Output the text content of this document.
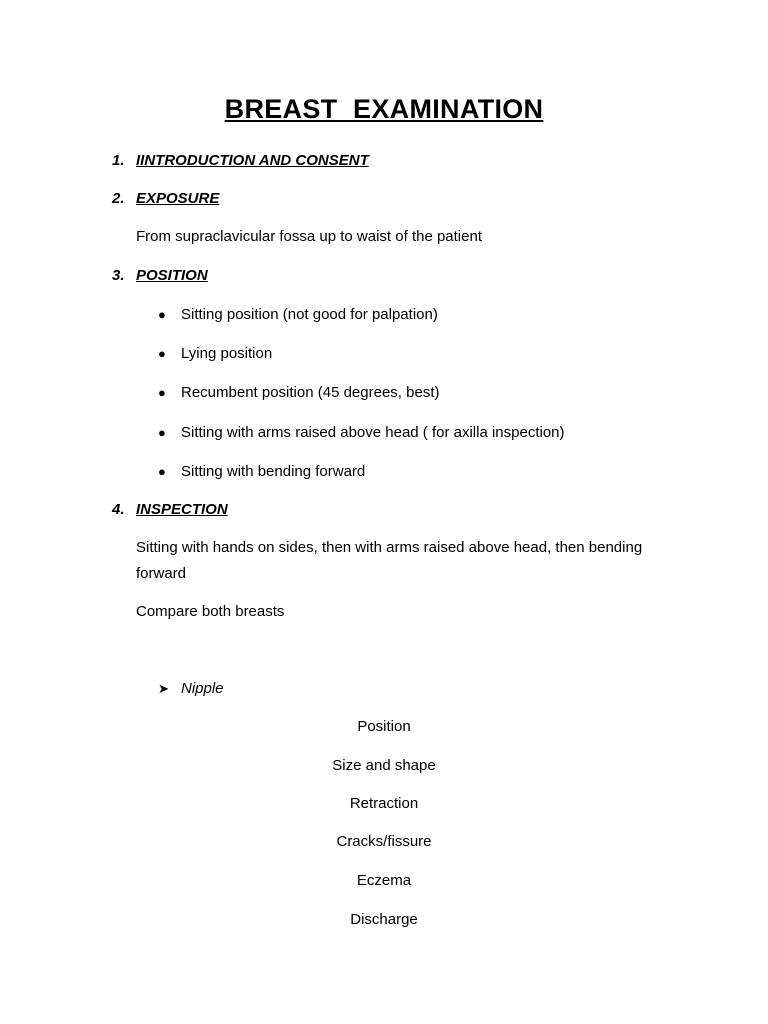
BREAST  EXAMINATION
1. IINTRODUCTION AND CONSENT
2. EXPOSURE
From supraclavicular fossa up to waist of the patient
3. POSITION
● Sitting position (not good for palpation)
● Lying position
● Recumbent position (45 degrees, best)
● Sitting with arms raised above head ( for axilla inspection)
● Sitting with bending forward
4. INSPECTION
Sitting with hands on sides, then with arms raised above head, then bending forward
Compare both breasts
➤ Nipple
Position
Size and shape
Retraction
Cracks/fissure
Eczema
Discharge
